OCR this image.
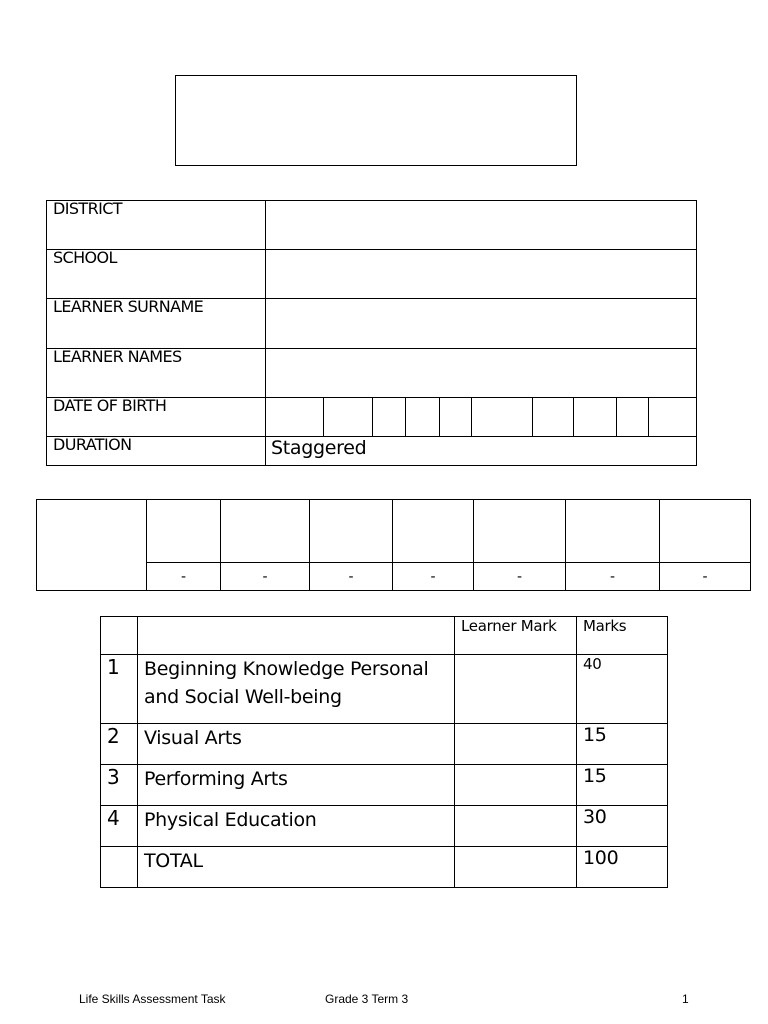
DISTRICT	
SCHOOL	
LEARNER SURNAME	
LEARNER NAMES	
DATE OF BIRTH	

DURATION	Staggered

	-	-	-	-	-	-	-
		Learner Mark	Marks
1	Beginning Knowledge Personal and Social Well-being		40
2	Visual Arts		15
3	Performing Arts		15
4	Physical Education		30
	TOTAL		100
Life Skills Assessment Task	Grade 3 Term 3	1
